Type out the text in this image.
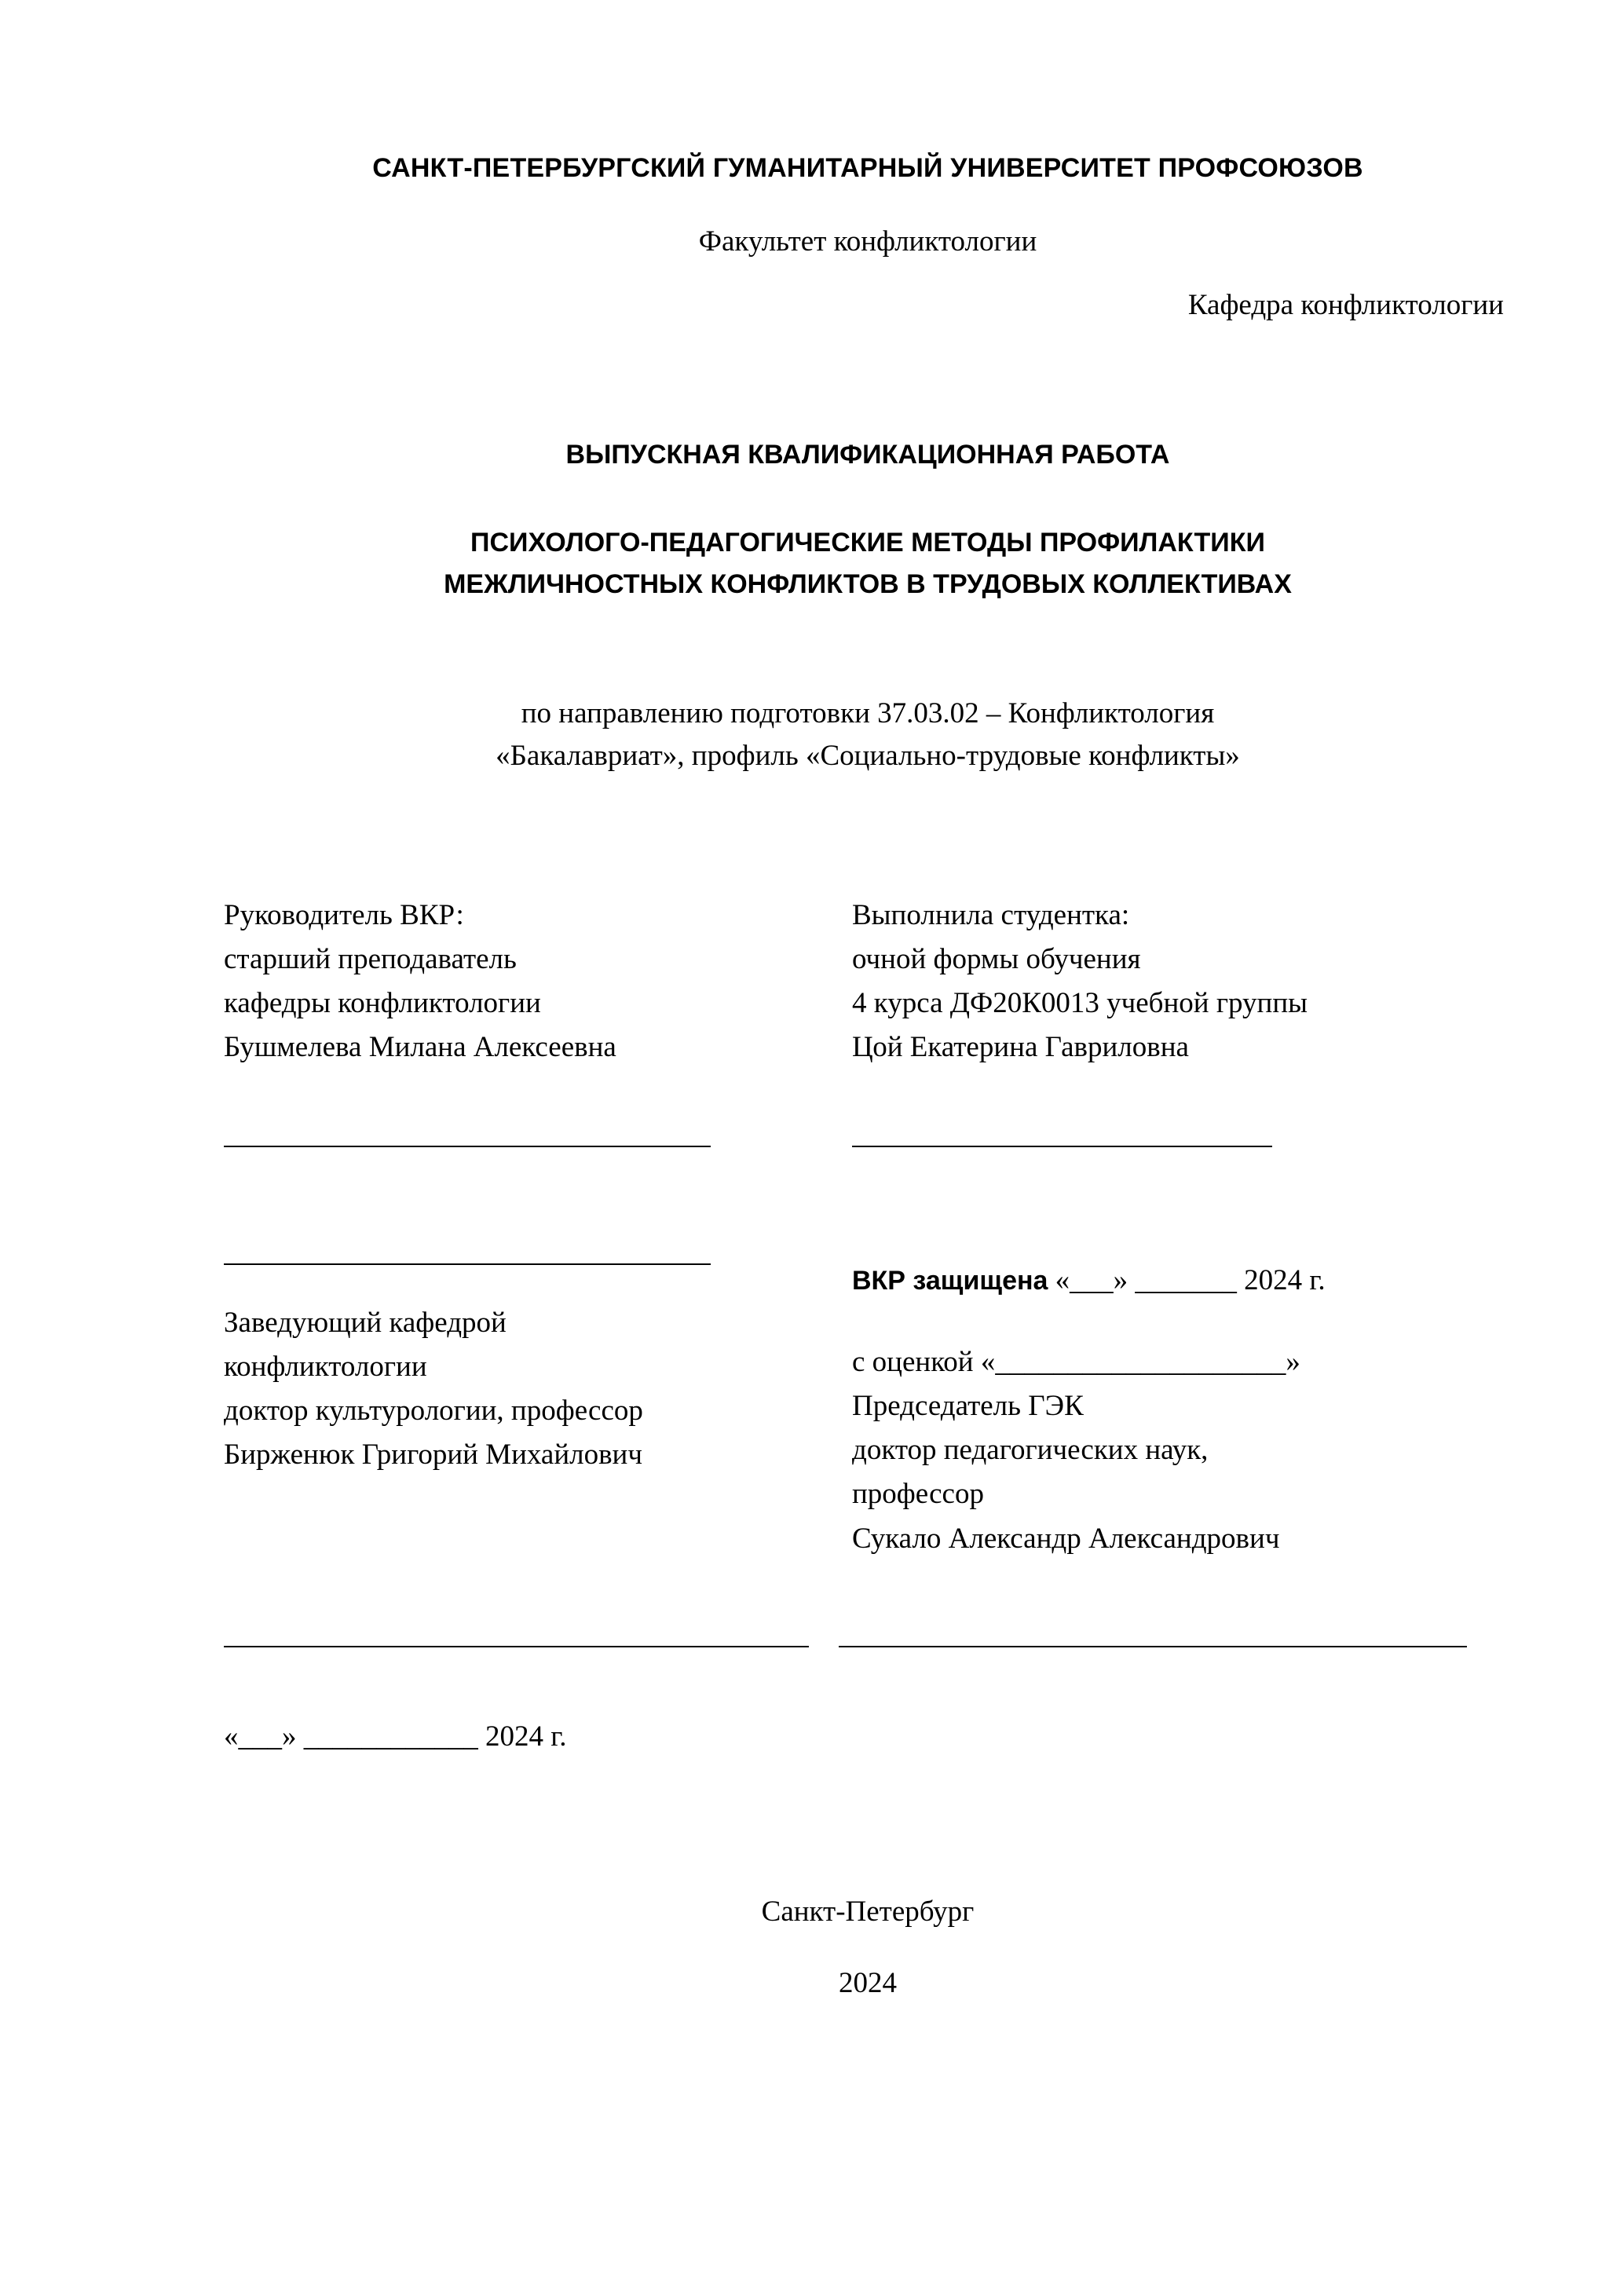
САНКТ-ПЕТЕРБУРГСКИЙ ГУМАНИТАРНЫЙ УНИВЕРСИТЕТ ПРОФСОЮЗОВ
Факультет конфликтологии
Кафедра конфликтологии
ВЫПУСКНАЯ КВАЛИФИКАЦИОННАЯ РАБОТА
ПСИХОЛОГО-ПЕДАГОГИЧЕСКИЕ МЕТОДЫ ПРОФИЛАКТИКИ
МЕЖЛИЧНОСТНЫХ КОНФЛИКТОВ В ТРУДОВЫХ КОЛЛЕКТИВАХ
по направлению подготовки 37.03.02 – Конфликтология
«Бакалавриат», профиль «Социально-трудовые конфликты»
Руководитель ВКР:
старший преподаватель
кафедры конфликтологии
Бушмелева Милана Алексеевна
Заведующий кафедрой
конфликтологии
доктор культурологии, профессор
Бирженюк Григорий Михайлович
Выполнила студентка:
очной формы обучения
4 курса ДФ20К0013 учебной группы
Цой Екатерина Гавриловна
ВКР защищена «___» _______ 2024 г.
с оценкой «____________________»
Председатель ГЭК
доктор педагогических наук,
профессор
Сукало Александр Александрович
«___» ____________ 2024 г.
Санкт-Петербург
2024
